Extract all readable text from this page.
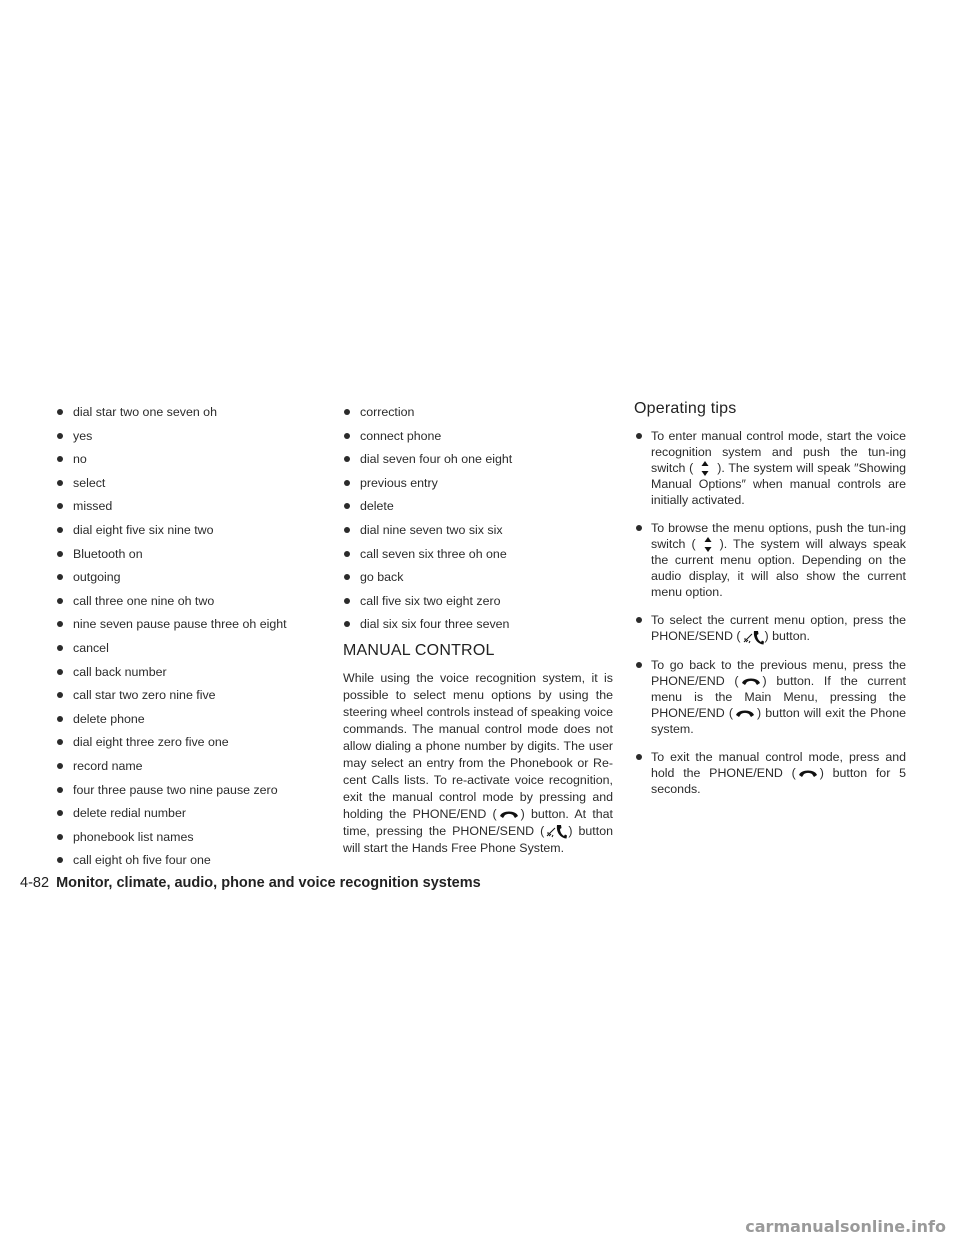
dial star two one seven oh
yes
no
select
missed
dial eight five six nine two
Bluetooth on
outgoing
call three one nine oh two
nine seven pause pause three oh eight
cancel
call back number
call star two zero nine five
delete phone
dial eight three zero five one
record name
four three pause two nine pause zero
delete redial number
phonebook list names
call eight oh five four one
correction
connect phone
dial seven four oh one eight
previous entry
delete
dial nine seven two six six
call seven six three oh one
go back
call five six two eight zero
dial six six four three seven
MANUAL CONTROL

While using the voice recognition system, it is possible to select menu options by using the steering wheel controls instead of speaking voice commands. The manual control mode does not allow dialing a phone number by digits. The user may select an entry from the Phonebook or Re-cent Calls lists. To re-activate voice recognition, exit the manual control mode by pressing and holding the PHONE/END ( ) button. At that time, pressing the PHONE/SEND ( ) button will start the Hands Free Phone System.

Operating tips
To enter manual control mode, start the voice recognition system and push the tun-ing switch ( ). The system will speak ″Showing Manual Options″ when manual controls are initially activated.
To browse the menu options, push the tun-ing switch ( ). The system will always speak the current menu option. Depending on the audio display, it will also show the current menu option.
To select the current menu option, press the PHONE/SEND ( ) button.
To go back to the previous menu, press the PHONE/END ( ) button. If the current menu is the Main Menu, pressing the PHONE/END ( ) button will exit the Phone system.
To exit the manual control mode, press and hold the PHONE/END ( ) button for 5 seconds.
4-82 Monitor, climate, audio, phone and voice recognition systems
carmanualsonline.info
